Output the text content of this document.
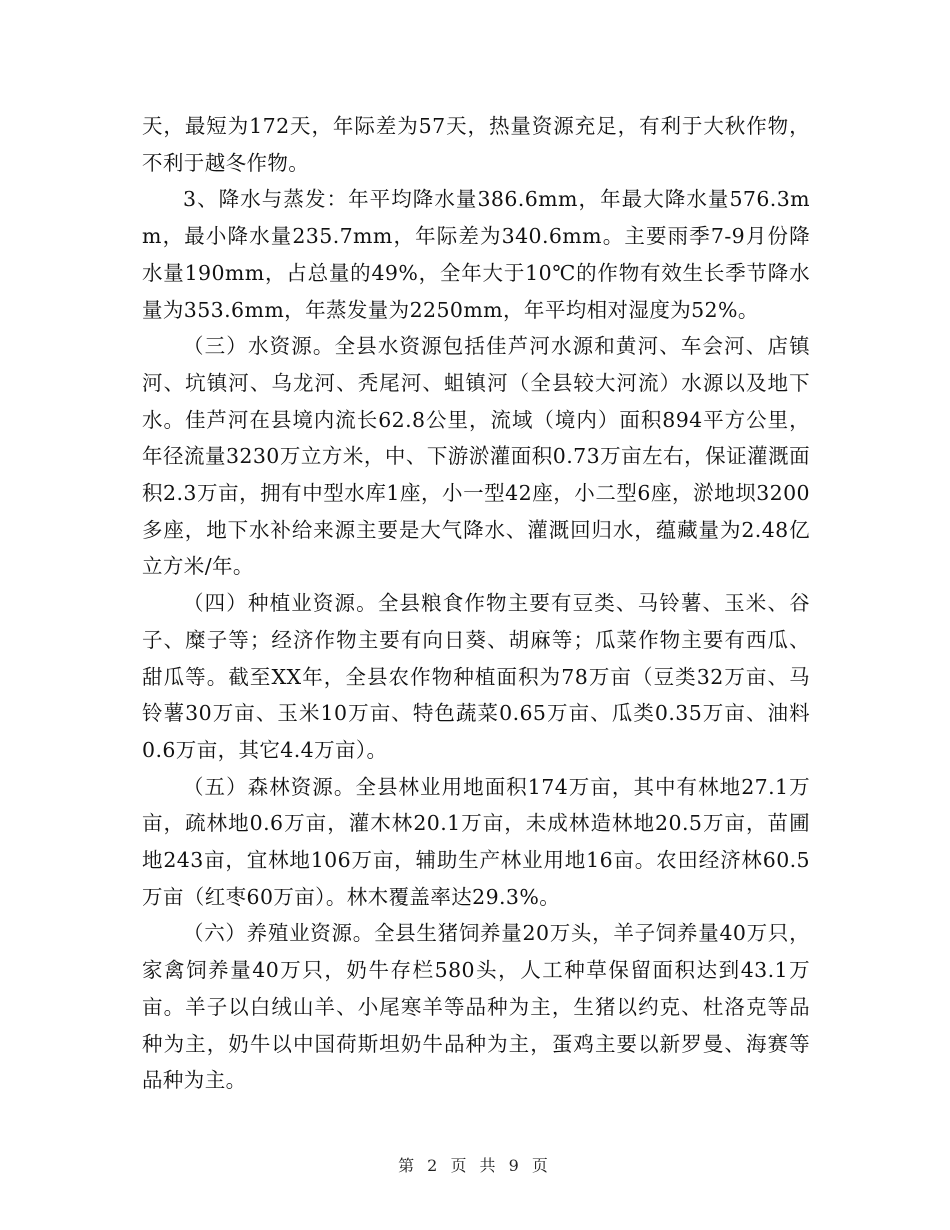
天，最短为172天，年际差为57天，热量资源充足，有利于大秋作物，不利于越冬作物。

3、降水与蒸发：年平均降水量386.6mm，年最大降水量576.3mm，最小降水量235.7mm，年际差为340.6mm。主要雨季7-9月份降水量190mm，占总量的49%，全年大于10℃的作物有效生长季节降水量为353.6mm，年蒸发量为2250mm，年平均相对湿度为52%。

（三）水资源。全县水资源包括佳芦河水源和黄河、车会河、店镇河、坑镇河、乌龙河、秃尾河、蛆镇河（全县较大河流）水源以及地下水。佳芦河在县境内流长62.8公里，流域（境内）面积894平方公里，年径流量3230万立方米，中、下游淤灌面积0.73万亩左右，保证灌溉面积2.3万亩，拥有中型水库1座，小一型42座，小二型6座，淤地坝3200多座，地下水补给来源主要是大气降水、灌溉回归水，蕴藏量为2.48亿立方米/年。

（四）种植业资源。全县粮食作物主要有豆类、马铃薯、玉米、谷子、糜子等；经济作物主要有向日葵、胡麻等；瓜菜作物主要有西瓜、甜瓜等。截至XX年，全县农作物种植面积为78万亩（豆类32万亩、马铃薯30万亩、玉米10万亩、特色蔬菜0.65万亩、瓜类0.35万亩、油料0.6万亩，其它4.4万亩）。

（五）森林资源。全县林业用地面积174万亩，其中有林地27.1万亩，疏林地0.6万亩，灌木林20.1万亩，未成林造林地20.5万亩，苗圃地243亩，宜林地106万亩，辅助生产林业用地16亩。农田经济林60.5万亩（红枣60万亩）。林木覆盖率达29.3%。

（六）养殖业资源。全县生猪饲养量20万头，羊子饲养量40万只，家禽饲养量40万只，奶牛存栏580头，人工种草保留面积达到43.1万亩。羊子以白绒山羊、小尾寒羊等品种为主，生猪以约克、杜洛克等品种为主，奶牛以中国荷斯坦奶牛品种为主，蛋鸡主要以新罗曼、海赛等品种为主。

第 2 页 共 9 页
